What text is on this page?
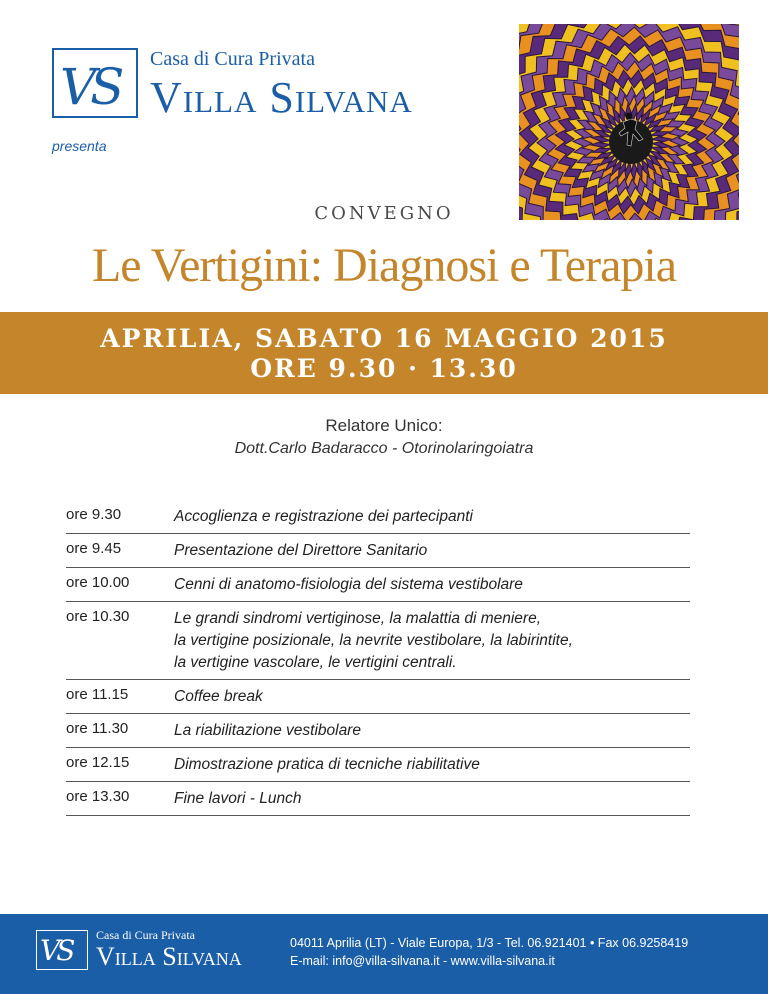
VS Casa di Cura Privata
Villa Silvana
presenta
CONVEGNO
Le Vertigini: Diagnosi e Terapia
APRILIA, SABATO 16 MAGGIO 2015
ORE 9.30 · 13.30
Relatore Unico:
Dott.Carlo Badaracco - Otorinolaringoiatra
ore 9.30	Accoglienza e registrazione dei partecipanti
ore 9.45	Presentazione del Direttore Sanitario
ore 10.00	Cenni di anatomo-fisiologia del sistema vestibolare
ore 10.30	Le grandi sindromi vertiginose, la malattia di meniere,
la vertigine posizionale, la nevrite vestibolare, la labirintite,
la vertigine vascolare, le vertigini centrali.
ore 11.15	Coffee break
ore 11.30	La riabilitazione vestibolare
ore 12.15	Dimostrazione pratica di tecniche riabilitative
ore 13.30	Fine lavori - Lunch
VS Casa di Cura Privata
Villa Silvana	04011 Aprilia (LT) - Viale Europa, 1/3 - Tel. 06.921401 • Fax 06.9258419
E-mail: info@villa-silvana.it - www.villa-silvana.it
